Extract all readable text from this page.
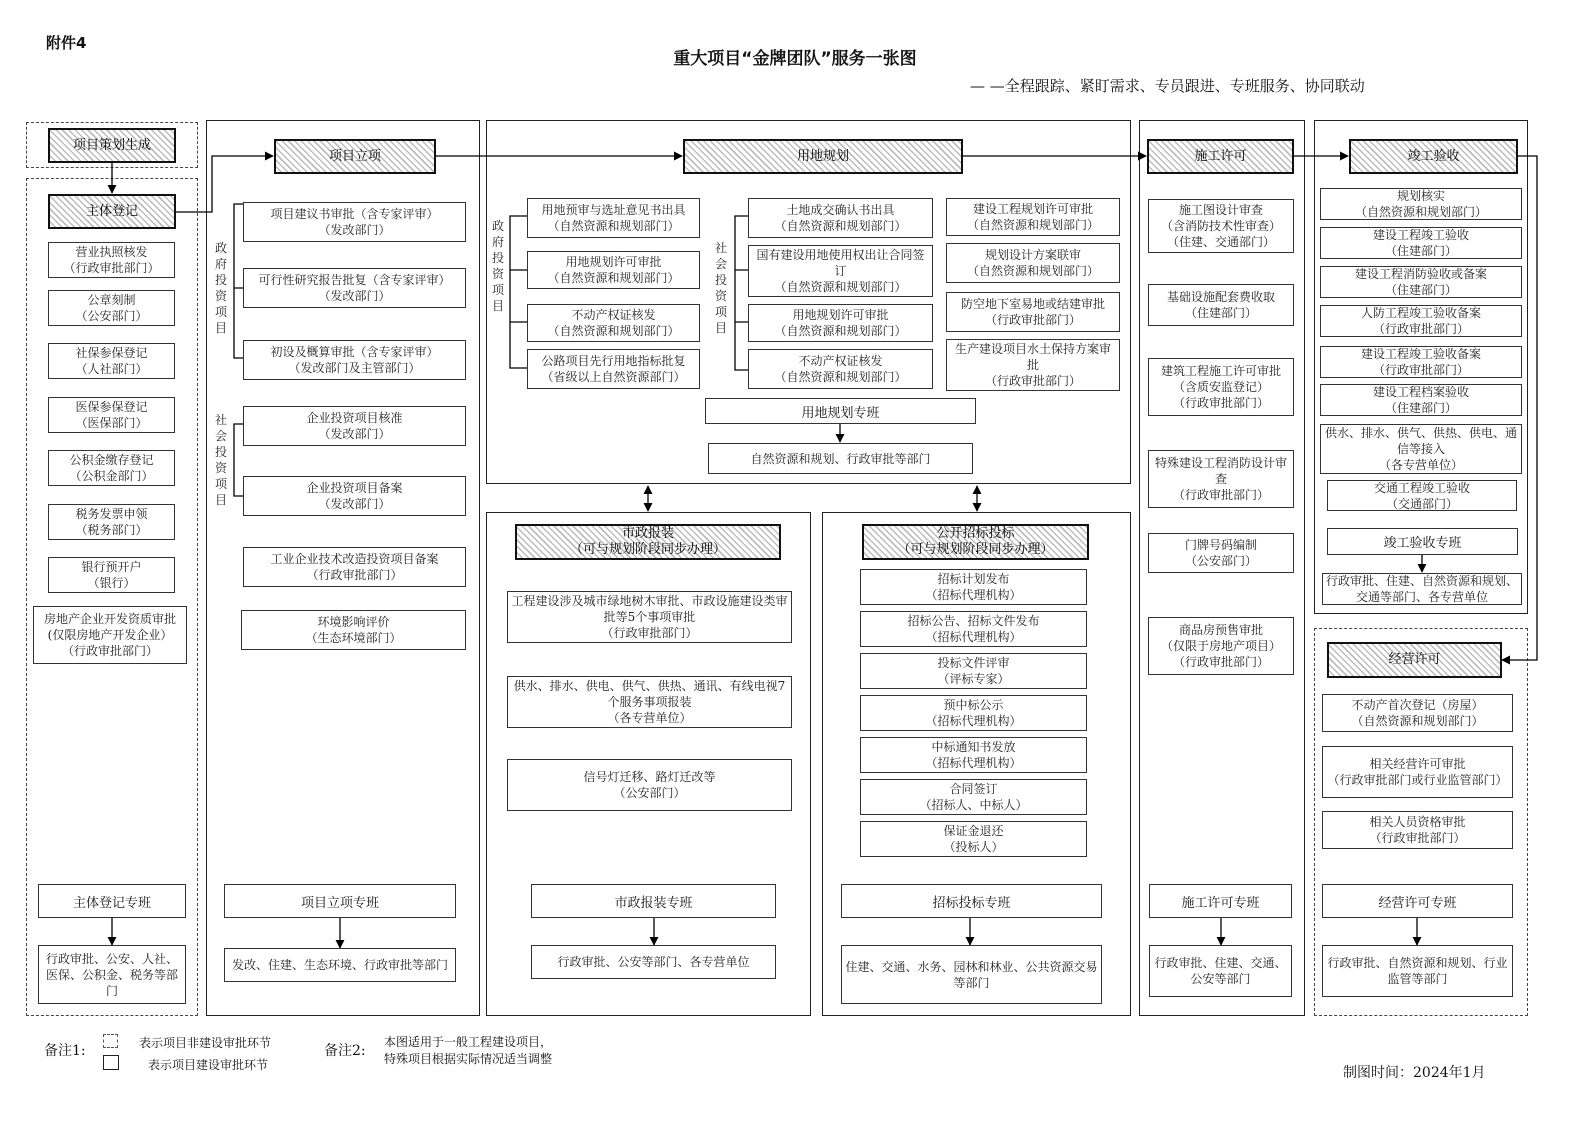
附件4
重大项目“金牌团队”服务一张图
— —全程跟踪、紧盯需求、专员跟进、专班服务、协同联动
项目策划生成
主体登记
项目立项	用地规划	施工许可	竣工验收
经营许可
市政报装
（可与规划阶段同步办理）
公开招标投标
（可与规划阶段同步办理）
政府投资项目
社会投资项目
政府投资项目
社会投资项目
营业执照核发
（行政审批部门）
公章刻制
（公安部门）
社保参保登记
（人社部门）
医保参保登记
（医保部门）
公积金缴存登记
（公积金部门）
税务发票申领
（税务部门）
银行预开户
（银行）
房地产企业开发资质审批
(仅限房地产开发企业）
（行政审批部门）
项目建议书审批（含专家评审）
（发改部门）
可行性研究报告批复（含专家评审）
（发改部门）
初设及概算审批（含专家评审）
（发改部门及主管部门）
企业投资项目核准
（发改部门）
企业投资项目备案
（发改部门）
工业企业技术改造投资项目备案
（行政审批部门）
环境影响评价
（生态环境部门）
用地预审与选址意见书出具
（自然资源和规划部门）
用地规划许可审批
（自然资源和规划部门）
不动产权证核发
（自然资源和规划部门）
公路项目先行用地指标批复
（省级以上自然资源部门）
土地成交确认书出具
（自然资源和规划部门）
国有建设用地使用权出让合同签订
（自然资源和规划部门）
用地规划许可审批
（自然资源和规划部门）
不动产权证核发
（自然资源和规划部门）
建设工程规划许可审批
（自然资源和规划部门）
规划设计方案联审
（自然资源和规划部门）
防空地下室易地或结建审批
（行政审批部门）
生产建设项目水土保持方案审批
（行政审批部门）
用地规划专班
自然资源和规划、行政审批等部门
工程建设涉及城市绿地树木审批、市政设施建设类审批等5个事项审批
（行政审批部门）
供水、排水、供电、供气、供热、通讯、有线电视7个服务事项报装
（各专营单位）
信号灯迁移、路灯迁改等
（公安部门）
招标计划发布
（招标代理机构）
招标公告、招标文件发布
（招标代理机构）
投标文件评审
（评标专家）
预中标公示
（招标代理机构）
中标通知书发放
（招标代理机构）
合同签订
（招标人、中标人）
保证金退还
（投标人）
施工图设计审查
（含消防技术性审查）
（住建、交通部门）
基础设施配套费收取
（住建部门）
建筑工程施工许可审批
（含质安监登记）
（行政审批部门）
特殊建设工程消防设计审查
（行政审批部门）
门牌号码编制
（公安部门）
商品房预售审批
（仅限于房地产项目）
（行政审批部门）
规划核实
（自然资源和规划部门）
建设工程竣工验收
（住建部门）
建设工程消防验收或备案
（住建部门）
人防工程竣工验收备案
（行政审批部门）
建设工程竣工验收备案
（行政审批部门）
建设工程档案验收
（住建部门）
供水、排水、供气、供热、供电、通信等接入
（各专营单位）
交通工程竣工验收
（交通部门）
竣工验收专班
行政审批、住建、自然资源和规划、交通等部门、各专营单位
不动产首次登记（房屋）
（自然资源和规划部门）
相关经营许可审批
（行政审批部门或行业监管部门）
相关人员资格审批
（行政审批部门）
主体登记专班
行政审批、公安、人社、医保、公积金、税务等部门
项目立项专班
发改、住建、生态环境、行政审批等部门
市政报装专班
行政审批、公安等部门、各专营单位
招标投标专班
住建、交通、水务、园林和林业、公共资源交易等部门
施工许可专班
行政审批、住建、交通、公安等部门
经营许可专班
行政审批、自然资源和规划、行业监管等部门
备注1:	表示项目非建设审批环节
表示项目建设审批环节
备注2:
本图适用于一般工程建设项目，
特殊项目根据实际情况适当调整
制图时间：2024年1月
